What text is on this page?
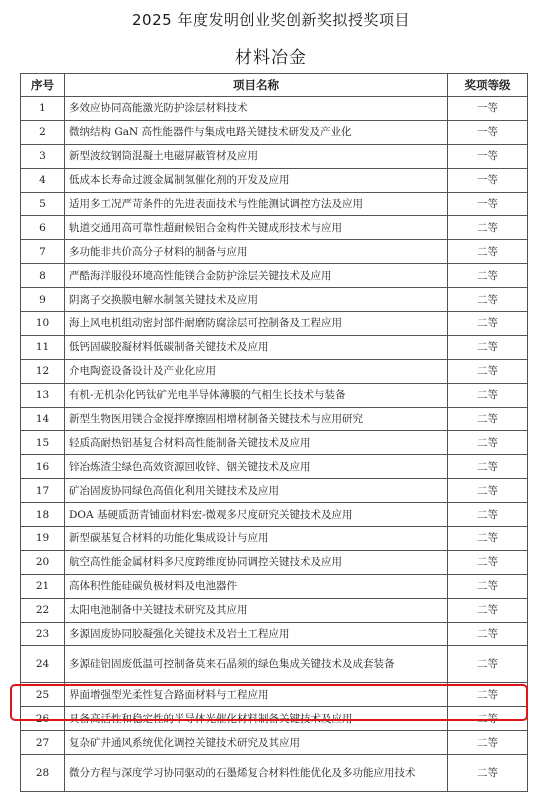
2025 年度发明创业奖创新奖拟授奖项目
材料冶金
序号	项目名称	奖项等级
1	多效应协同高能激光防护涂层材料技术	一等
2	微纳结构 GaN 高性能器件与集成电路关键技术研发及产业化	一等
3	新型波纹钢筒混凝土电磁屏蔽管材及应用	一等
4	低成本长寿命过渡金属制氢催化剂的开发及应用	一等
5	适用多工况严苛条件的先进表面技术与性能测试调控方法及应用	一等
6	轨道交通用高可靠性超耐候铝合金构件关键成形技术与应用	二等
7	多功能非共价高分子材料的制备与应用	二等
8	严酷海洋服役环境高性能镁合金防护涂层关键技术及应用	二等
9	阴离子交换膜电解水制氢关键技术及应用	二等
10	海上风电机组动密封部件耐磨防腐涂层可控制备及工程应用	二等
11	低钙固碳胶凝材料低碳制备关键技术及应用	二等
12	介电陶瓷设备设计及产业化应用	二等
13	有机-无机杂化钙钛矿光电半导体薄膜的气相生长技术与装备	二等
14	新型生物医用镁合金搅拌摩擦固相增材制备关键技术与应用研究	二等
15	轻质高耐热铝基复合材料高性能制备关键技术及应用	二等
16	锌冶炼渣尘绿色高效资源回收锌、铟关键技术及应用	二等
17	矿冶固废协同绿色高值化利用关键技术及应用	二等
18	DOA 基硬质沥青铺面材料宏-微观多尺度研究关键技术及应用	二等
19	新型碳基复合材料的功能化集成设计与应用	二等
20	航空高性能金属材料多尺度跨维度协同调控关键技术及应用	二等
21	高体积性能硅碳负极材料及电池器件	二等
22	太阳电池制备中关键技术研究及其应用	二等
23	多源固废协同胶凝强化关键技术及岩土工程应用	二等
24	多源硅铝固废低温可控制备莫来石晶须的绿色集成关键技术及成套装备	二等
25	界面增强型光柔性复合路面材料与工程应用	二等
26	具备高活性和稳定性的半导体光催化材料制备关键技术及应用	二等
27	复杂矿井通风系统优化调控关键技术研究及其应用	二等
28	微分方程与深度学习协同驱动的石墨烯复合材料性能优化及多功能应用技术	二等
